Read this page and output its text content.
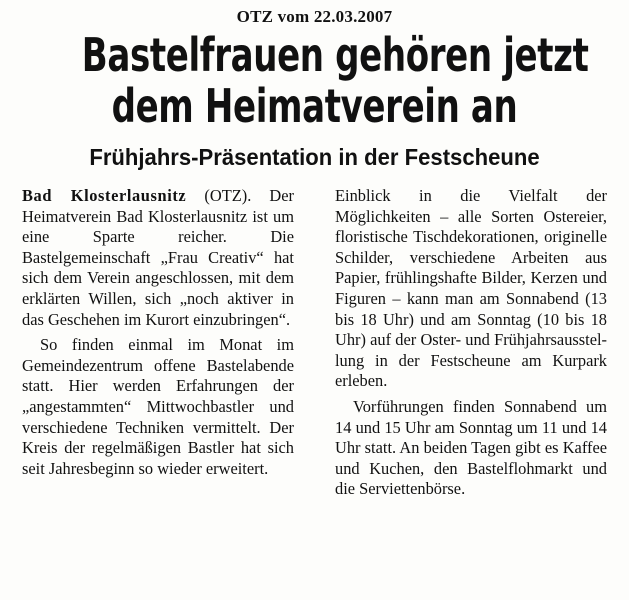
OTZ vom 22.03.2007
Bastelfrauen gehören jetzt
dem Heimatverein an
Frühjahrs-Präsentation in der Festscheune

Bad Klosterlausnitz (OTZ). Der Heimatverein Bad Klosterlausnitz ist um eine Sparte reicher. Die Bastelgemeinschaft „Frau Creativ“ hat sich dem Verein angeschlossen, mit dem erklärten Willen, sich „noch aktiver in das Geschehen im Kurort einzubringen“.

So finden einmal im Monat im Gemeindezentrum offene Bastelabende statt. Hier werden Erfahrungen der „angestammten“ Mittwochbastler und verschiedene Techniken vermittelt. Der Kreis der regelmäßigen Bastler hat sich seit Jahresbeginn so wieder erweitert.

Einblick in die Vielfalt der Möglichkeiten – alle Sorten Ostereier, floristische Tischdekorationen, originelle Schilder, verschiedene Arbeiten aus Papier, frühlingshafte Bilder, Kerzen und Figuren – kann man am Sonnabend (13 bis 18 Uhr) und am Sonntag (10 bis 18 Uhr) auf der Oster- und Frühjahrsausstellung in der Festscheune am Kurpark erleben.

Vorführungen finden Sonnabend um 14 und 15 Uhr am Sonntag um 11 und 14 Uhr statt. An beiden Tagen gibt es Kaffee und Kuchen, den Bastelflohmarkt und die Serviettenbörse.
